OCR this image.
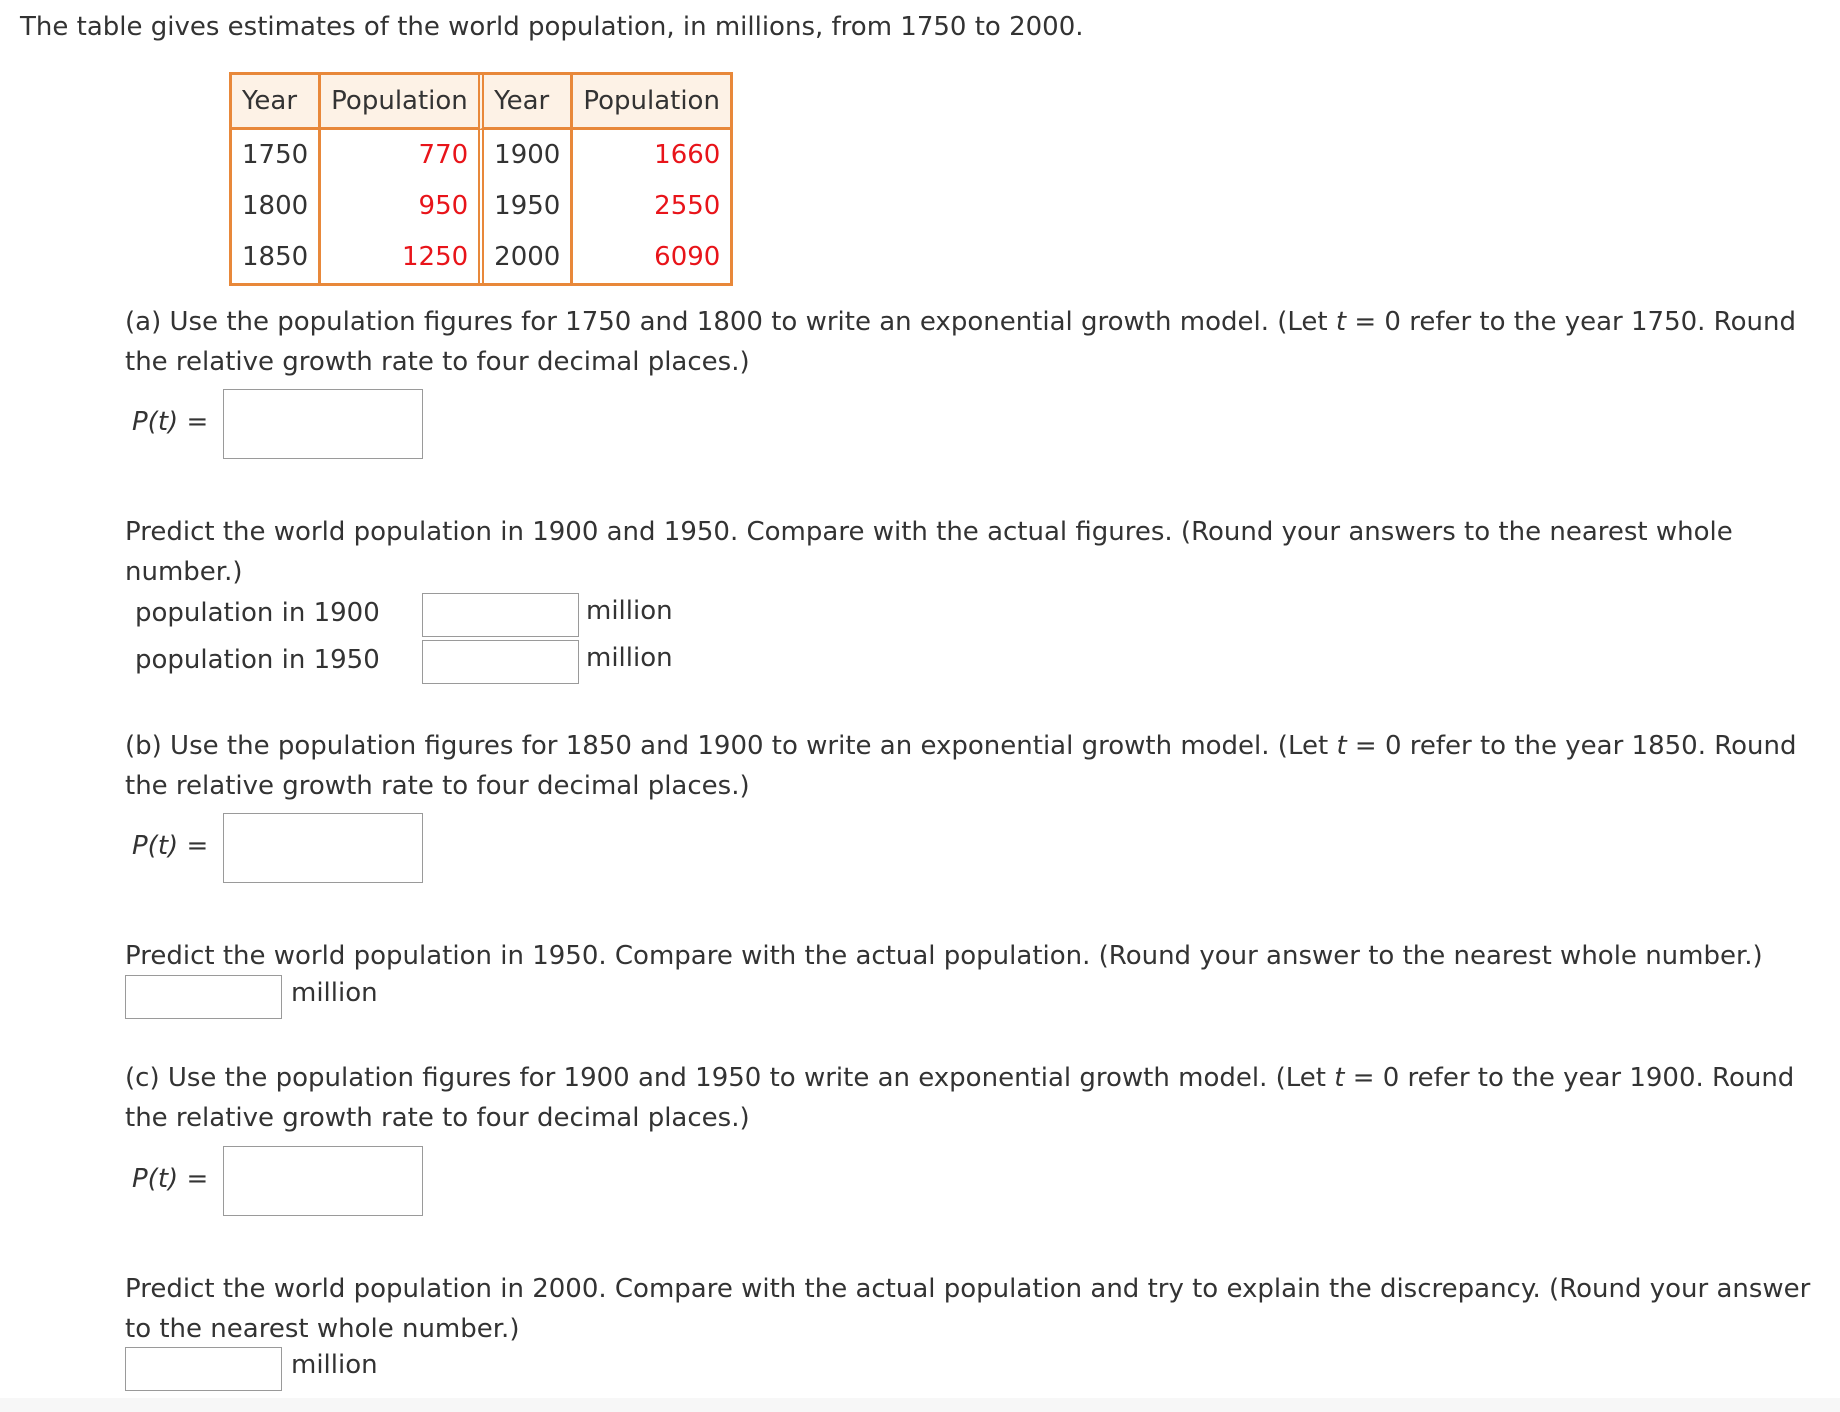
The table gives estimates of the world population, in millions, from 1750 to 2000.
Year	Population	Year	Population
1750	770	1900	1660
1800	950	1950	2550
1850	1250	2000	6090
(a) Use the population figures for 1750 and 1800 to write an exponential growth model. (Let t = 0 refer to the year 1750. Round the relative growth rate to four decimal places.)
P(t) =
Predict the world population in 1900 and 1950. Compare with the actual figures. (Round your answers to the nearest whole number.)
population in 1900	million
population in 1950	million
(b) Use the population figures for 1850 and 1900 to write an exponential growth model. (Let t = 0 refer to the year 1850. Round the relative growth rate to four decimal places.)
P(t) =
Predict the world population in 1950. Compare with the actual population. (Round your answer to the nearest whole number.)
million
(c) Use the population figures for 1900 and 1950 to write an exponential growth model. (Let t = 0 refer to the year 1900. Round the relative growth rate to four decimal places.)
P(t) =
Predict the world population in 2000. Compare with the actual population and try to explain the discrepancy. (Round your answer to the nearest whole number.)
million
